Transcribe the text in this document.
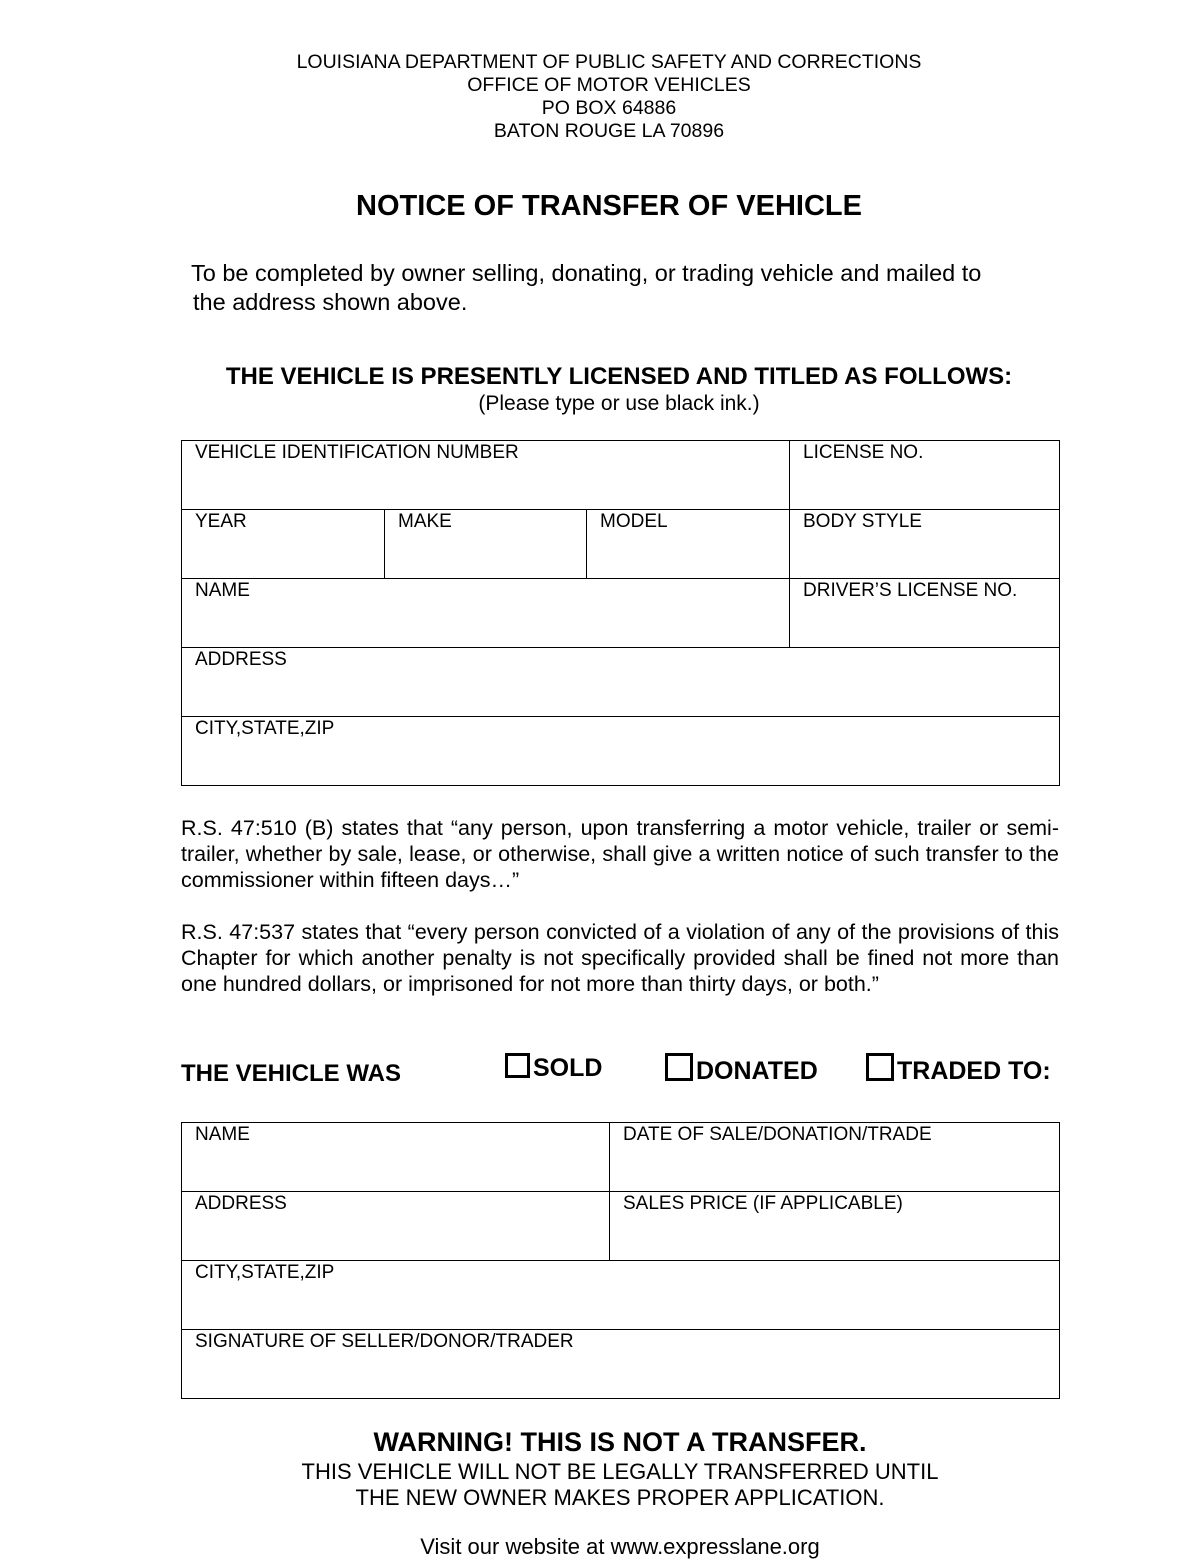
LOUISIANA DEPARTMENT OF PUBLIC SAFETY AND CORRECTIONS
OFFICE OF MOTOR VEHICLES
PO BOX 64886
BATON ROUGE LA 70896
NOTICE OF TRANSFER OF VEHICLE
To be completed by owner selling, donating, or trading vehicle and mailed to
the address shown above.
THE VEHICLE IS PRESENTLY LICENSED AND TITLED AS FOLLOWS:
(Please type or use black ink.)
VEHICLE IDENTIFICATION NUMBER			LICENSE NO.

YEAR	MAKE	MODEL	BODY STYLE

NAME			DRIVER’S LICENSE NO.

ADDRESS			

CITY,STATE,ZIP			
R.S. 47:510 (B) states that “any person, upon transferring a motor vehicle, trailer or semi-trailer, whether by sale, lease, or otherwise, shall give a written notice of such transfer to the commissioner within fifteen days…”
R.S. 47:537 states that “every person convicted of a violation of any of the provisions of this Chapter for which another penalty is not specifically provided shall be fined not more than one hundred dollars, or imprisoned for not more than thirty days, or both.”
THE VEHICLE WAS	SOLD	DONATED	TRADED TO:
NAME	DATE OF SALE/DONATION/TRADE

ADDRESS	SALES PRICE (IF APPLICABLE)

CITY,STATE,ZIP	

SIGNATURE OF SELLER/DONOR/TRADER	
WARNING! THIS IS NOT A TRANSFER.
THIS VEHICLE WILL NOT BE LEGALLY TRANSFERRED UNTIL
THE NEW OWNER MAKES PROPER APPLICATION.
Visit our website at www.expresslane.org
